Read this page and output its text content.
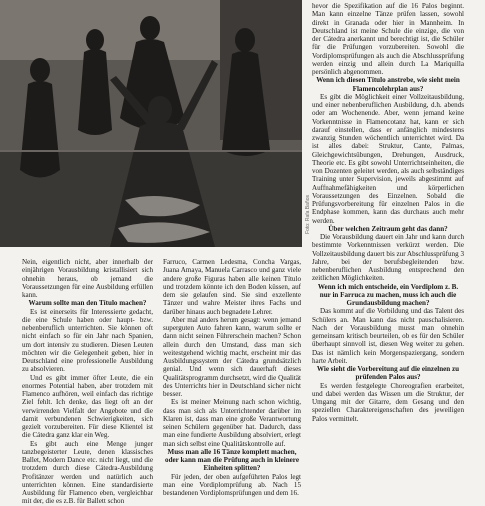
Foto: Rafa Baños

Nein, eigentlich nicht, aber innerhalb der einjährigen Vorausbildung kristallisiert sich ohnehin heraus, ob jemand die Voraussetzungen für eine Ausbildung erfüllen kann.

Warum sollte man den Título machen?

Es ist einerseits für Interessierte gedacht, die eine Schule haben oder haupt- bzw. nebenberuflich unterrichten. Sie können oft nicht einfach so für ein Jahr nach Spanien, um dort intensiv zu studieren. Diesen Leuten möchten wir die Gelegenheit geben, hier in Deutschland eine professionelle Ausbildung zu absolvieren.

Und es gibt immer öfter Leute, die ein enormes Potential haben, aber trotzdem mit Flamenco aufhören, weil einfach das richtige Ziel fehlt. Ich denke, das liegt oft an der verwirrenden Vielfalt der Angebote und die damit verbundenen Schwierigkeiten, sich gezielt vorzubereiten. Für diese Klientel ist die Cátedra ganz klar ein Weg.

Es gibt auch eine Menge junger tanzbegeisterter Leute, denen klassisches Ballet, Modern Dance etc. nicht liegt, und die trotzdem durch diese Cátedra-Ausbildung Profitänzer werden und natürlich auch unterrichten können. Eine standardisierte Ausbildung für Flamenco eben, vergleichbar mit der, die es z.B. für Ballett schon

Farruco, Carmen Ledesma, Concha Vargas, Juana Amaya, Manuela Carrasco und ganz viele andere große Figuras haben alle keinen Título und trotzdem könnte ich den Boden küssen, auf dem sie gelaufen sind. Sie sind exzellente Tänzer und wahre Meister ihres Fachs und darüber hinaus auch begnadete Lehrer.

Aber mal anders herum gesagt: wenn jemand superguten Auto fahren kann, warum sollte er dann nicht seinen Führerschein machen? Schon allein durch den Umstand, dass man sich weitestgehend wichtig macht, erscheint mir das Ausbildungssystem der Cátedra grundsätzlich genial. Und wenn sich dauerhaft dieses Qualitätsprogramm durchsetzt, wird die Qualität des Unterrichts hier in Deutschland sicher nicht besser.

Es ist meiner Meinung nach schon wichtig, dass man sich als Unterrichtender darüber im Klaren ist, dass man eine große Verantwortung seinen Schülern gegenüber hat. Dadurch, dass man eine fundierte Ausbildung absolviert, erlegt man sich selbst eine Qualitätskontrolle auf.

Muss man alle 16 Tänze komplett machen, oder kann man die Prüfung auch in kleinere Einheiten splitten?

Für jeden, der oben aufgeführten Palos legt man eine Vordiplomprüfung ab. Nach 15 bestandenen Vordiplomsprüfungen und dem 16.

hevor die Spezifikation auf die 16 Palos beginnt. Man kann einzelne Tänze prüfen lassen, sowohl direkt in Granada oder hier in Mannheim. In Deutschland ist meine Schule die einzige, die von der Cátedra anerkannt und berechtigt ist, die Schüler für die Prüfungen vorzubereiten. Sowohl die Vordiplomsprüfungen als auch die Abschlussprüfung werden einzig und allein durch La Mariquilla persönlich abgenommen.

Wenn ich diesen Título anstrebe, wie sieht mein Flamencolehrplan aus?

Es gibt die Möglichkeit einer Vollzeitausbildung, und einer nebenberuflichen Ausbildung, d.h. abends oder am Wochenende. Aber, wenn jemand keine Vorkenntnisse in Flamencotanz hat, kann er sich darauf einstellen, dass er anfänglich mindestens zwanzig Stunden wöchentlich unterrichtet wird. Da ist alles dabei: Struktur, Cante, Palmas, Gleichgewichtsübungen, Drehungen, Ausdruck, Theorie etc. Es gibt sowohl Unterrichtseinheiten, die von Dozenten geleitet werden, als auch selbständiges Training unter Supervision, jeweils abgestimmt auf Auffnahmefähigkeiten und körperlichen Voraussetzungen des Einzelnen. Sobald die Prüfungsvorbereitung für einzelnen Palos in die Endphase kommen, kann das durchaus auch mehr werden.

Über welchen Zeitraum geht das dann?

Die Vorausbildung dauert ein Jahr und kann durch bestimmte Vorkenntnissen verkürzt werden. Die Vollzeitausbildung dauert bis zur Abschlussprüfung 3 Jahre, bei der berufsbegleitenden bzw. nebenberuflichen Ausbildung entsprechend den zeitlichen Möglichkeiten.

Wenn ich mich entscheide, ein Vordiplom z. B. nur in Farruca zu machen, muss ich auch die Grundausbildung machen?

Das kommt auf die Vorbildung und das Talent des Schülers an. Man kann das nicht pauschalisieren. Nach der Vorausbildung musst man ohnehin gemeinsam kritisch beurteilen, ob es für den Schüler überhaupt sinnvoll ist, diesen Weg weiter zu gehen. Das ist nämlich kein Morgenspaziergang, sondern harte Arbeit.

Wie sieht die Vorbereitung auf die einzelnen zu prüfenden Palos aus?

Es werden festgelegte Choreografien erarbeitet, und dabei werden das Wissen um die Struktur, der Umgang mit der Gitarre, dem Gesang und den speziellen Charaktereigenschaften des jeweiligen Palos vermittelt.
